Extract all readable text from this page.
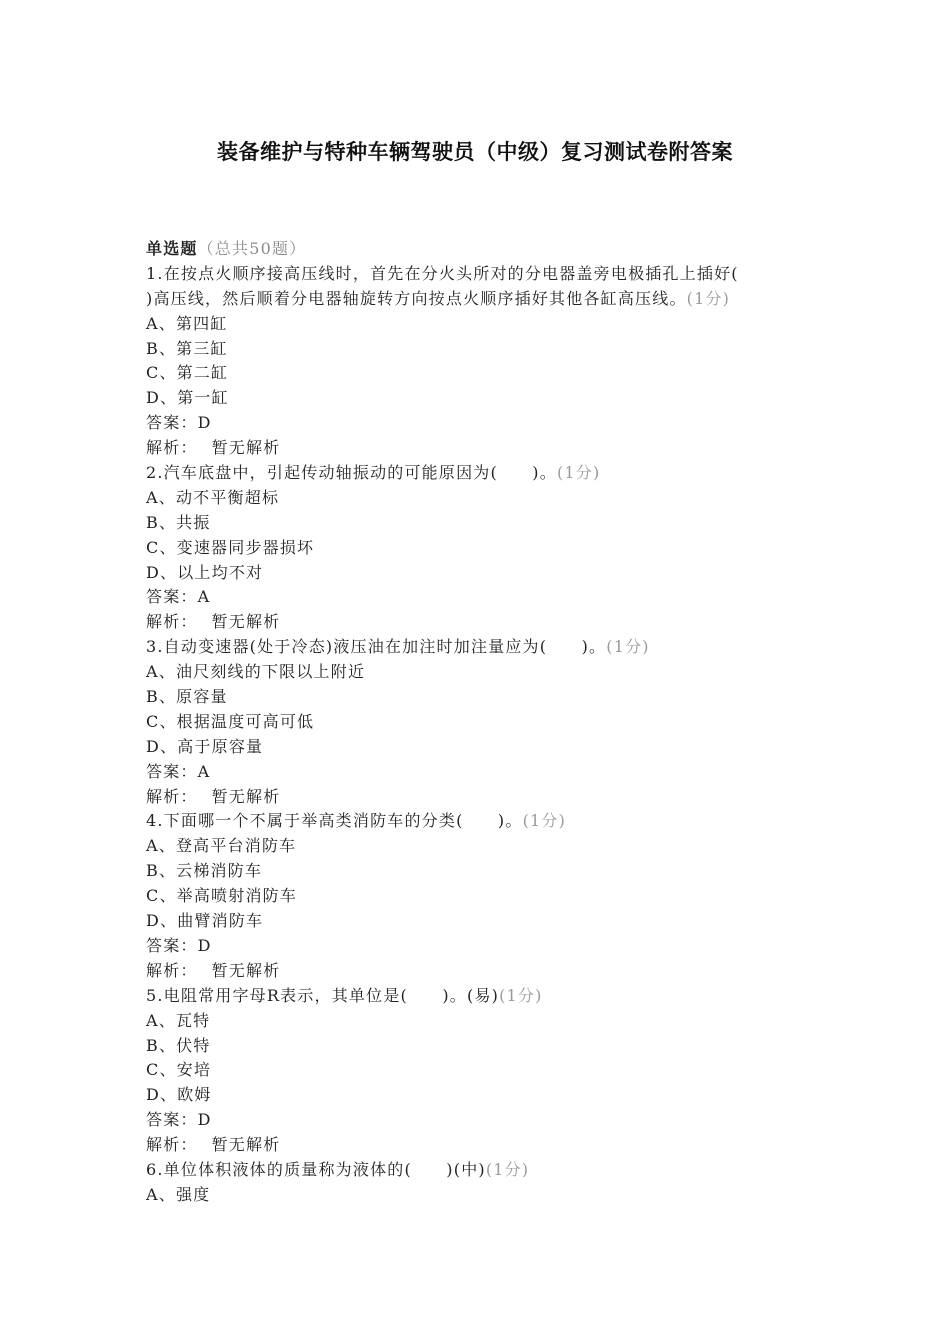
装备维护与特种车辆驾驶员（中级）复习测试卷附答案
单选题（总共50题）
1.在按点火顺序接高压线时，首先在分火头所对的分电器盖旁电极插孔上插好(
)高压线，然后顺着分电器轴旋转方向按点火顺序插好其他各缸高压线。(1分)
A、第四缸
B、第三缸
C、第二缸
D、第一缸
答案：D
解析： 暂无解析
2.汽车底盘中，引起传动轴振动的可能原因为(　　)。(1分)
A、动不平衡超标
B、共振
C、变速器同步器损坏
D、以上均不对
答案：A
解析： 暂无解析
3.自动变速器(处于冷态)液压油在加注时加注量应为(　　)。(1分)
A、油尺刻线的下限以上附近
B、原容量
C、根据温度可高可低
D、高于原容量
答案：A
解析： 暂无解析
4.下面哪一个不属于举高类消防车的分类(　　)。(1分)
A、登高平台消防车
B、云梯消防车
C、举高喷射消防车
D、曲臂消防车
答案：D
解析： 暂无解析
5.电阻常用字母R表示，其单位是(　　)。(易)(1分)
A、瓦特
B、伏特
C、安培
D、欧姆
答案：D
解析： 暂无解析
6.单位体积液体的质量称为液体的(　　)(中)(1分)
A、强度
